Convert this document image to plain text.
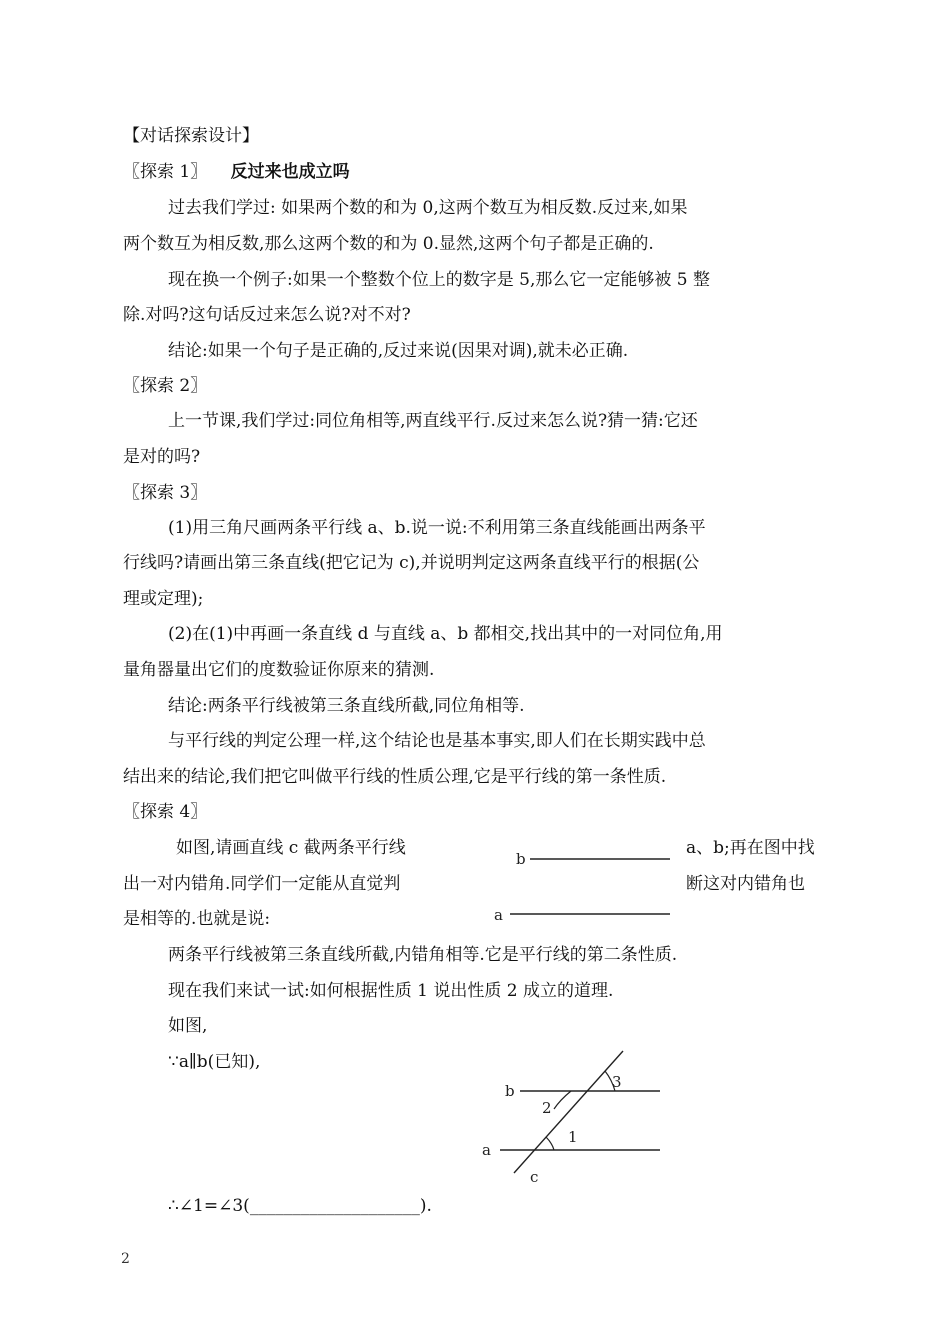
【对话探索设计】
〖探索 1〗 反过来也成立吗
过去我们学过: 如果两个数的和为 0,这两个数互为相反数.反过来,如果
两个数互为相反数,那么这两个数的和为 0.显然,这两个句子都是正确的.
现在换一个例子:如果一个整数个位上的数字是 5,那么它一定能够被 5 整
除.对吗?这句话反过来怎么说?对不对?
结论:如果一个句子是正确的,反过来说(因果对调),就未必正确.
〖探索 2〗
上一节课,我们学过:同位角相等,两直线平行.反过来怎么说?猜一猜:它还
是对的吗?
〖探索 3〗
(1)用三角尺画两条平行线 a、b.说一说:不利用第三条直线能画出两条平
行线吗?请画出第三条直线(把它记为 c),并说明判定这两条直线平行的根据(公
理或定理);
(2)在(1)中再画一条直线 d 与直线 a、b 都相交,找出其中的一对同位角,用
量角器量出它们的度数验证你原来的猜测.
结论:两条平行线被第三条直线所截,同位角相等.
与平行线的判定公理一样,这个结论也是基本事实,即人们在长期实践中总
结出来的结论,我们把它叫做平行线的性质公理,它是平行线的第一条性质.
〖探索 4〗
如图,请画直线 c 截两条平行线	a、b;再在图中找
出一对内错角.同学们一定能从直觉判	断这对内错角也
是相等的.也就是说:
b
a
两条平行线被第三条直线所截,内错角相等.它是平行线的第二条性质.
现在我们来试一试:如何根据性质 1 说出性质 2 成立的道理.
如图,
∵a∥b(已知),
b
a
c
3
2
1
∴∠1=∠3(____________________).
2
